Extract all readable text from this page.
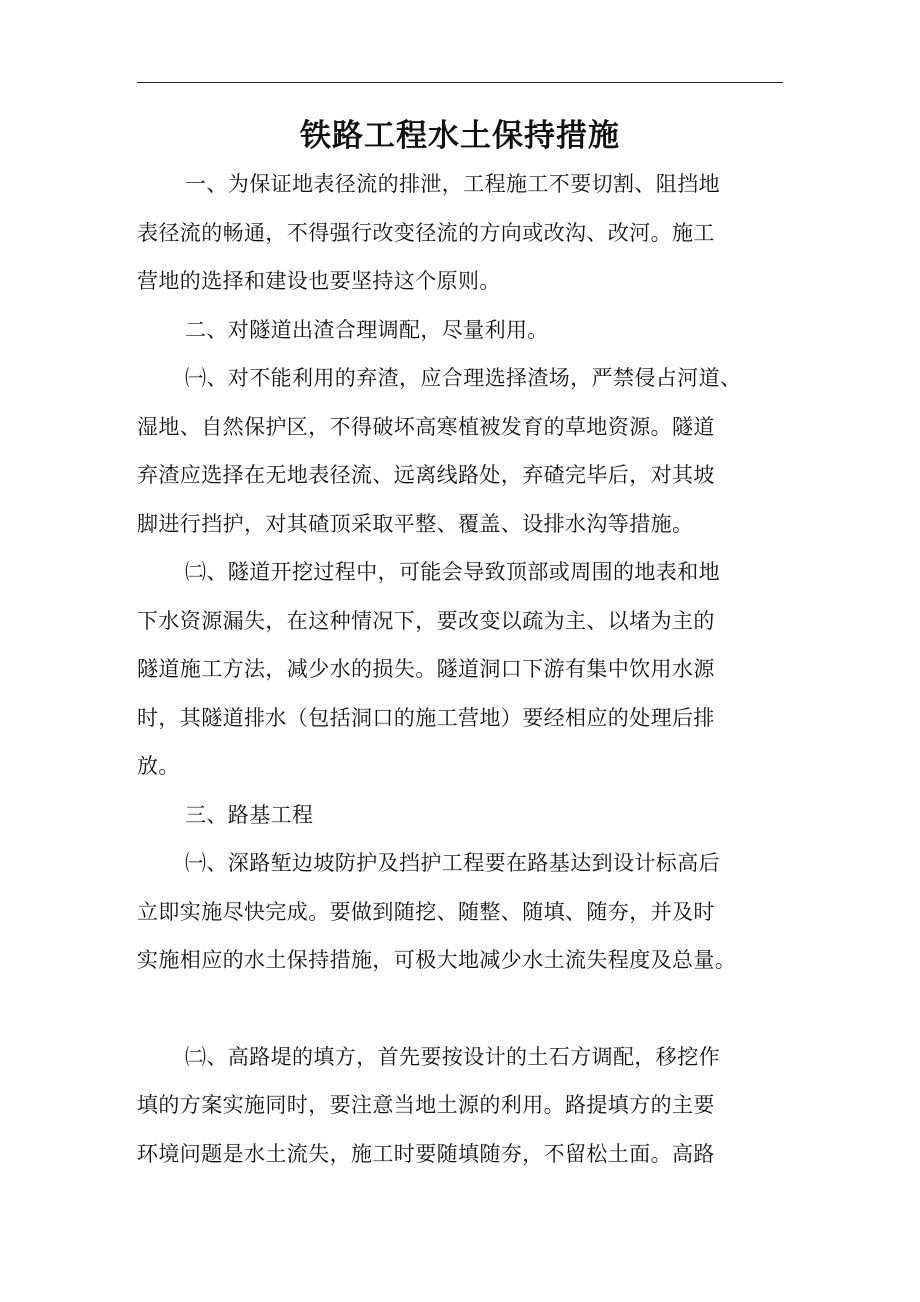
铁路工程水土保持措施
一、为保证地表径流的排泄，工程施工不要切割、阻挡地
表径流的畅通，不得强行改变径流的方向或改沟、改河。施工
营地的选择和建设也要坚持这个原则。
二、对隧道出渣合理调配，尽量利用。
㈠、对不能利用的弃渣，应合理选择渣场，严禁侵占河道、
湿地、自然保护区，不得破坏高寒植被发育的草地资源。隧道
弃渣应选择在无地表径流、远离线路处，弃碴完毕后，对其坡
脚进行挡护，对其碴顶采取平整、覆盖、设排水沟等措施。
㈡、隧道开挖过程中，可能会导致顶部或周围的地表和地
下水资源漏失，在这种情况下，要改变以疏为主、以堵为主的
隧道施工方法，减少水的损失。隧道洞口下游有集中饮用水源
时，其隧道排水（包括洞口的施工营地）要经相应的处理后排
放。
三、路基工程
㈠、深路堑边坡防护及挡护工程要在路基达到设计标高后
立即实施尽快完成。要做到随挖、随整、随填、随夯，并及时
实施相应的水土保持措施，可极大地减少水土流失程度及总量。
㈡、高路堤的填方，首先要按设计的土石方调配，移挖作
填的方案实施同时，要注意当地土源的利用。路提填方的主要
环境问题是水土流失，施工时要随填随夯，不留松土面。高路
